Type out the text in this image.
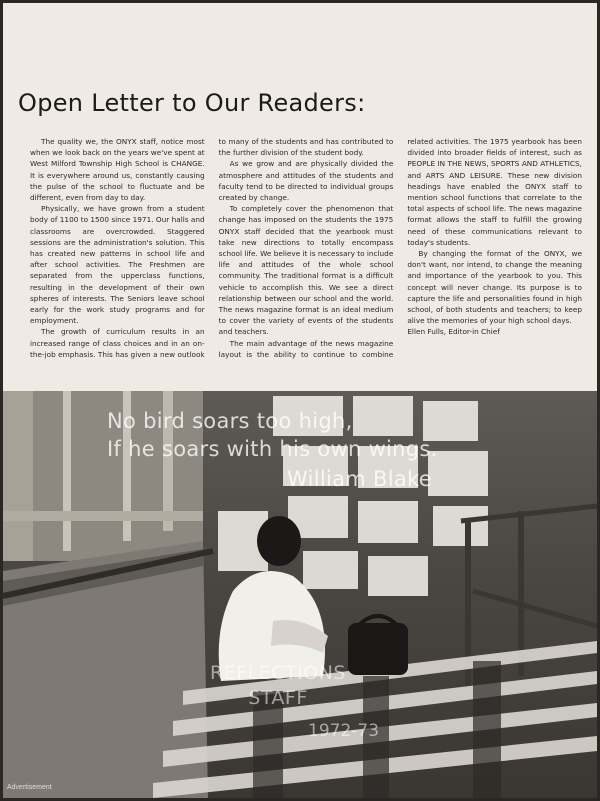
Open Letter to Our Readers:

The quality we, the ONYX staff, notice most when we look back on the years we've spent at West Milford Township High School is CHANGE. It is everywhere around us, constantly causing the pulse of the school to fluctuate and be different, even from day to day.

Physically, we have grown from a student body of 1100 to 1500 since 1971. Our halls and classrooms are overcrowded. Staggered sessions are the administration's solution. This has created new patterns in school life and after school activities. The Freshmen are separated from the upperclass functions, resulting in the development of their own spheres of interests. The Seniors leave school early for the work study programs and for employment.

The growth of curriculum results in an increased range of class choices and in an on-the-job emphasis. This has given a new outlook to many of the students and has contributed to the further division of the student body.

As we grow and are physically divided the atmosphere and attitudes of the students and faculty tend to be directed to individual groups created by change.

To completely cover the phenomenon that change has imposed on the students the 1975 ONYX staff decided that the yearbook must take new directions to totally encompass school life. We believe it is necessary to include life and attitudes of the whole school community. The traditional format is a difficult vehicle to accomplish this. We see a direct relationship between our school and the world. The news magazine format is an ideal medium to cover the variety of events of the students and teachers.

The main advantage of the news magazine layout is the ability to continue to combine related activities. The 1975 yearbook has been divided into broader fields of interest, such as PEOPLE IN THE NEWS, SPORTS AND ATHLETICS, and ARTS AND LEISURE. These new division headings have enabled the ONYX staff to mention school functions that correlate to the total aspects of school life. The news magazine format allows the staff to fulfill the growing need of these communications relevant to today's students.

By changing the format of the ONYX, we don't want, nor intend, to change the meaning and importance of the yearbook to you. This concept will never change. Its purpose is to capture the life and personalities found in high school, of both students and teachers; to keep alive the memories of your high school days.

Ellen Fulls, Editor-in Chief

No bird soars too high,
If he soars with his own wings.
William Blake
REFLECTIONS
STAFF
1972-73
Advertisement
